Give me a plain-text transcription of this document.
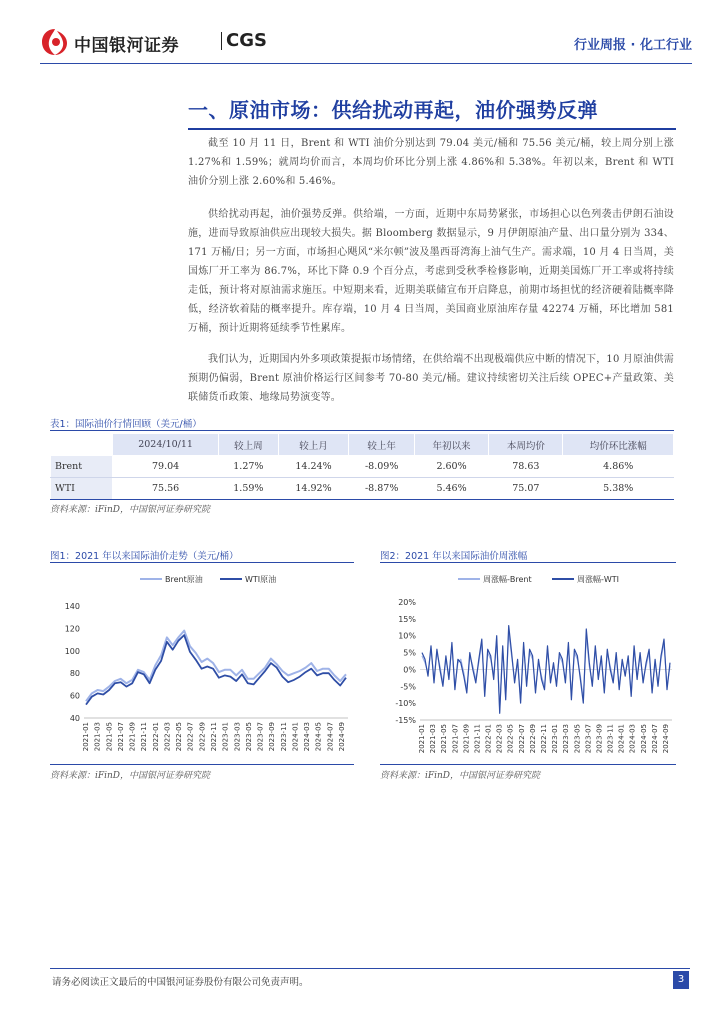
中国银河证券	CGS	行业周报 · 化工行业
一、原油市场：供给扰动再起，油价强势反弹
截至 10 月 11 日，Brent 和 WTI 油价分别达到 79.04 美元/桶和 75.56 美元/桶，较上周分别上涨 1.27%和 1.59%；就周均价而言，本周均价环比分别上涨 4.86%和 5.38%。年初以来，Brent 和 WTI 油价分别上涨 2.60%和 5.46%。
供给扰动再起，油价强势反弹。供给端，一方面，近期中东局势紧张，市场担心以色列袭击伊朗石油设施，进而导致原油供应出现较大损失。据 Bloomberg 数据显示，9 月伊朗原油产量、出口量分别为 334、171 万桶/日；另一方面，市场担心飓风“米尔顿”波及墨西哥湾海上油气生产。需求端，10 月 4 日当周，美国炼厂开工率为 86.7%，环比下降 0.9 个百分点，考虑到受秋季检修影响，近期美国炼厂开工率或将持续走低，预计将对原油需求施压。中短期来看，近期美联储宣布开启降息，前期市场担忧的经济硬着陆概率降低，经济软着陆的概率提升。库存端，10 月 4 日当周，美国商业原油库存量 42274 万桶，环比增加 581 万桶，预计近期将延续季节性累库。
我们认为，近期国内外多项政策提振市场情绪，在供给端不出现极端供应中断的情况下，10 月原油供需预期仍偏弱，Brent 原油价格运行区间参考 70-80 美元/桶。建议持续密切关注后续 OPEC+产量政策、美联储货币政策、地缘局势演变等。
表1：国际油价行情回顾（美元/桶）
	2024/10/11	较上周	较上月	较上年	年初以来	本周均价	均价环比涨幅
Brent	79.04	1.27%	14.24%	-8.09%	2.60%	78.63	4.86%
WTI	75.56	1.59%	14.92%	-8.87%	5.46%	75.07	5.38%
资料来源：iFinD，中国银河证券研究院
图1：2021 年以来国际油价走势（美元/桶）
Brent原油	WTI原油
40
60
80
100
120
140
2021-01 2021-03 2021-05 2021-07 2021-09 2021-11 2022-01 2022-03 2022-05 2022-07 2022-09 2022-11 2023-01 2023-03 2023-05 2023-07 2023-09 2023-11 2024-01 2024-03 2024-05 2024-07 2024-09
资料来源：iFinD，中国银河证券研究院
图2：2021 年以来国际油价周涨幅
周涨幅-Brent	周涨幅-WTI
20%
15%
10%
5%
0%
-5%
-10%
-15%
2021-01 2021-03 2021-05 2021-07 2021-09 2021-11 2022-01 2022-03 2022-05 2022-07 2022-09 2022-11 2023-01 2023-03 2023-05 2023-07 2023-09 2023-11 2024-01 2024-03 2024-05 2024-07 2024-09
资料来源：iFinD，中国银河证券研究院
请务必阅读正文最后的中国银河证券股份有限公司免责声明。	3
